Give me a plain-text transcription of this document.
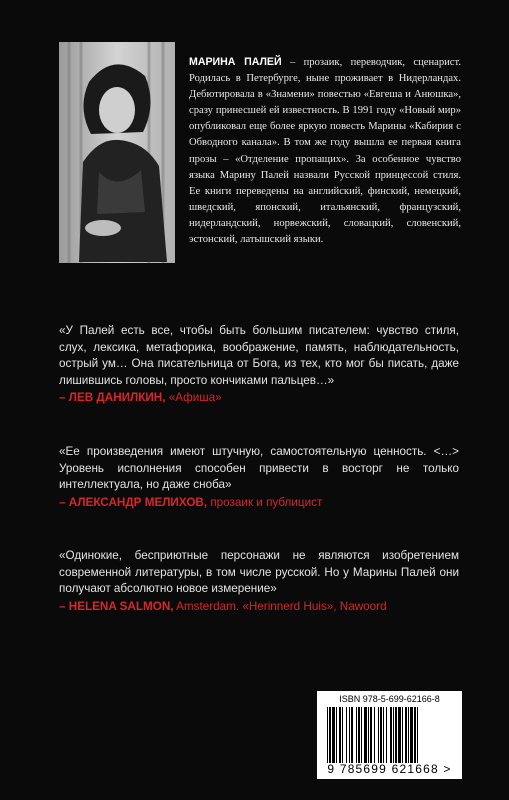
МАРИНА ПАЛЕЙ – прозаик, переводчик, сценарист. Родилась в Петербурге, ныне проживает в Нидерландах. Дебютировала в «Знамени» повестью «Евгеша и Анюшка», сразу принесшей ей известность. В 1991 году «Новый мир» опубликовал еще более яркую повесть Марины «Кабирия с Обводного канала». В том же году вышла ее первая книга прозы – «Отделение пропащих». За особенное чувство языка Марину Палей назвали Русской принцессой стиля. Ее книги переведены на английский, финский, немецкий, шведский, японский, итальянский, французский, нидерландский, норвежский, словацкий, словенский, эстонский, латышский языки.
«У Палей есть все, чтобы быть большим писателем: чувство стиля, слух, лексика, метафорика, воображение, память, наблюдательность, острый ум… Она писательница от Бога, из тех, кто мог бы писать, даже лишившись головы, просто кончиками пальцев…»
– ЛЕВ ДАНИЛКИН, «Афиша»
«Ее произведения имеют штучную, самостоятельную ценность. <…> Уровень исполнения способен привести в восторг не только интеллектуала, но даже сноба»
– АЛЕКСАНДР МЕЛИХОВ, прозаик и публицист
«Одинокие, бесприютные персонажи не являются изобретением современной литературы, в том числе русской. Но у Марины Палей они получают абсолютно новое измерение»
– HELENA SALMON, Amsterdam. «Herinnerd Huis», Nawoord
ISBN 978-5-699-62166-8
9 785699 621668 >
